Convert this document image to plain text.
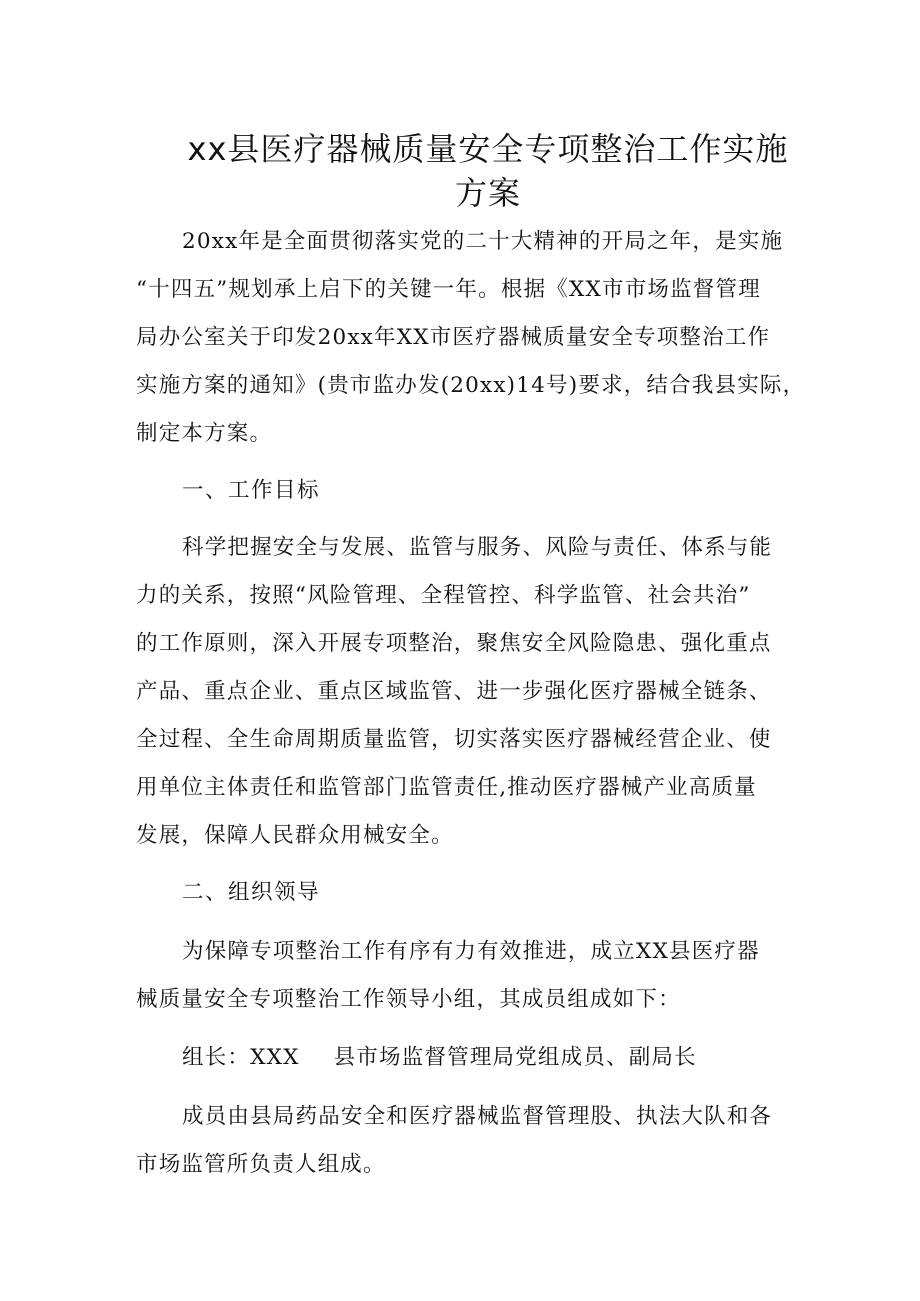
xx县医疗器械质量安全专项整治工作实施
方案
20xx年是全面贯彻落实党的二十大精神的开局之年，是实施
“十四五”规划承上启下的关键一年。根据《XX市市场监督管理
局办公室关于印发20xx年XX市医疗器械质量安全专项整治工作
实施方案的通知》(贵市监办发(20xx)14号)要求，结合我县实际，
制定本方案。
一、工作目标
科学把握安全与发展、监管与服务、风险与责任、体系与能
力的关系，按照“风险管理、全程管控、科学监管、社会共治”
的工作原则，深入开展专项整治，聚焦安全风险隐患、强化重点
产品、重点企业、重点区域监管、进一步强化医疗器械全链条、
全过程、全生命周期质量监管，切实落实医疗器械经营企业、使
用单位主体责任和监管部门监管责任,推动医疗器械产业高质量
发展，保障人民群众用械安全。
二、组织领导
为保障专项整治工作有序有力有效推进，成立XX县医疗器
械质量安全专项整治工作领导小组，其成员组成如下：
组长：XXX 县市场监督管理局党组成员、副局长
成员由县局药品安全和医疗器械监督管理股、执法大队和各
市场监管所负责人组成。
